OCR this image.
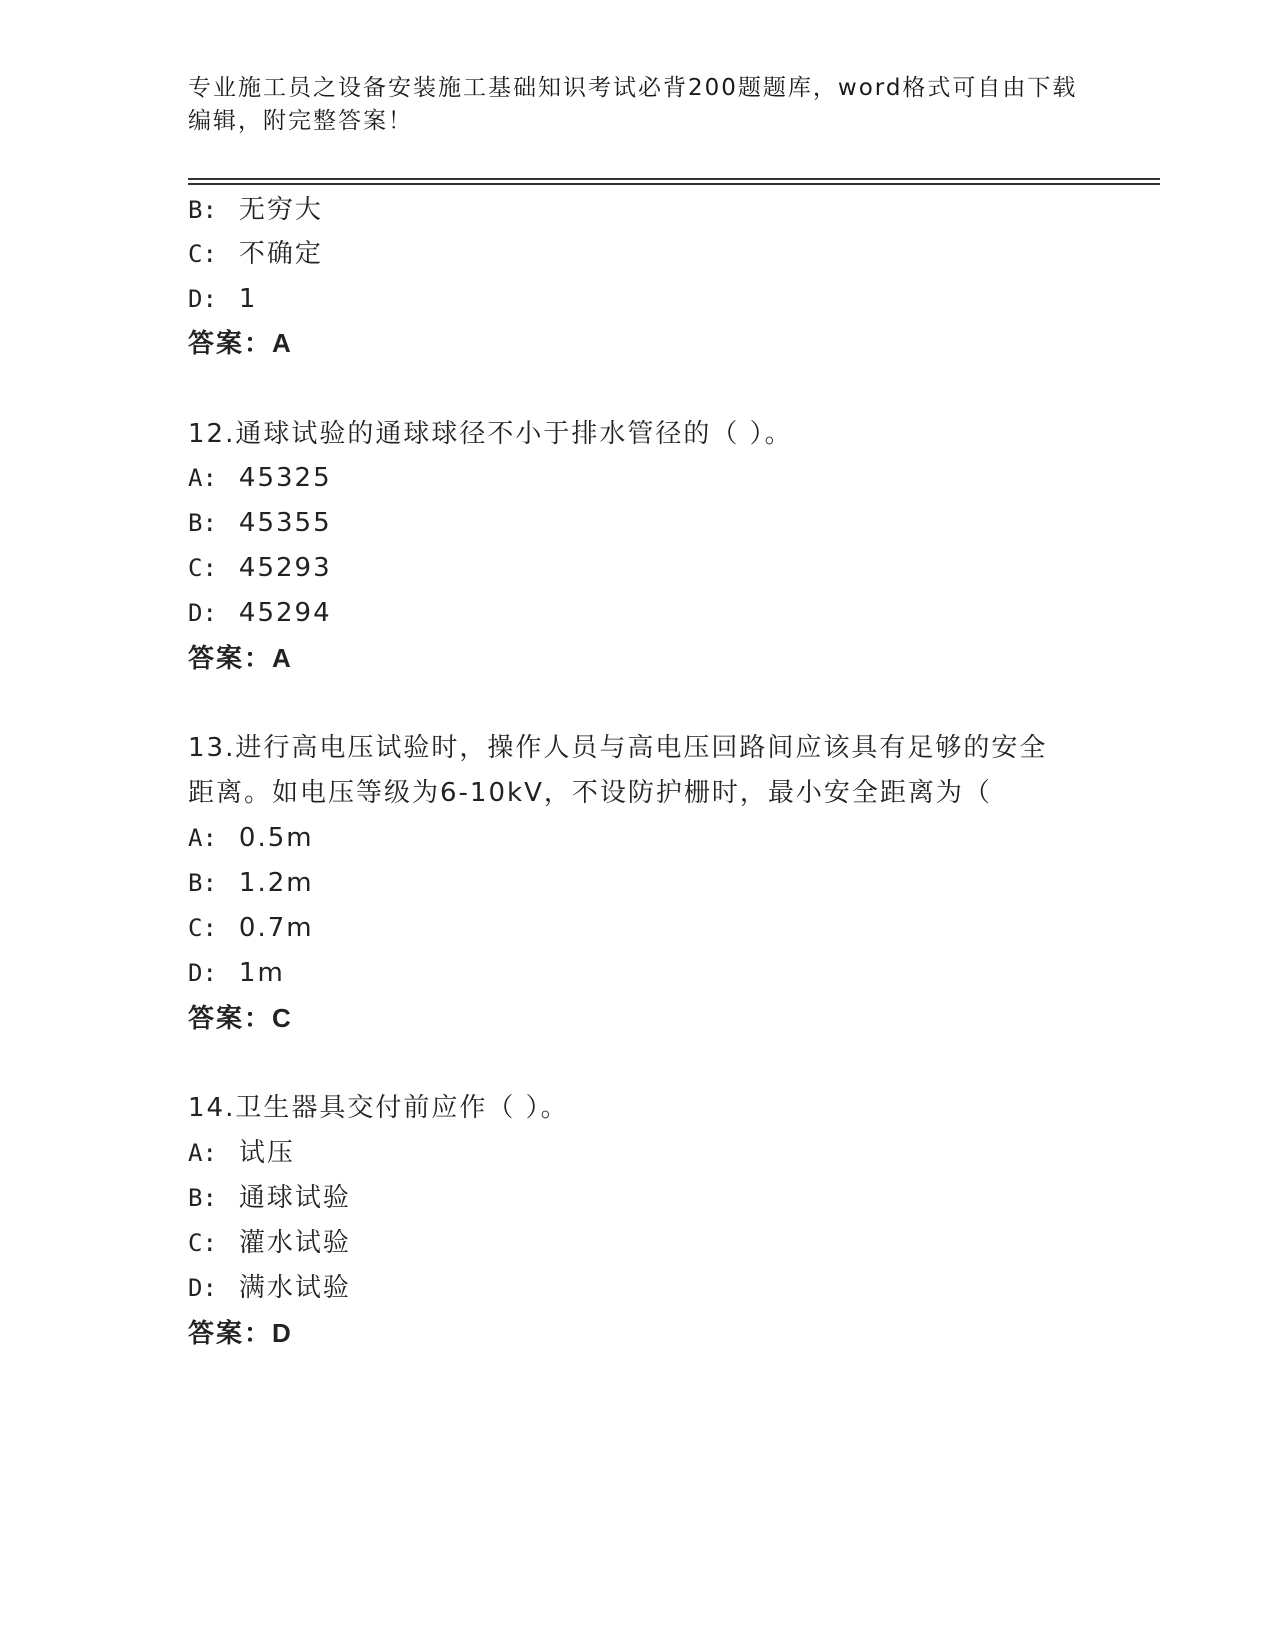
专业施工员之设备安装施工基础知识考试必背200题题库，word格式可自由下载
编辑，附完整答案！
B: 无穷大
C: 不确定
D: 1
答案：A
12.通球试验的通球球径不小于排水管径的（ ）。
A: 45325
B: 45355
C: 45293
D: 45294
答案：A
13.进行高电压试验时，操作人员与高电压回路间应该具有足够的安全
距离。如电压等级为6-10kV，不设防护栅时，最小安全距离为（
A: 0.5m
B: 1.2m
C: 0.7m
D: 1m
答案：C
14.卫生器具交付前应作（ ）。
A: 试压
B: 通球试验
C: 灌水试验
D: 满水试验
答案：D
